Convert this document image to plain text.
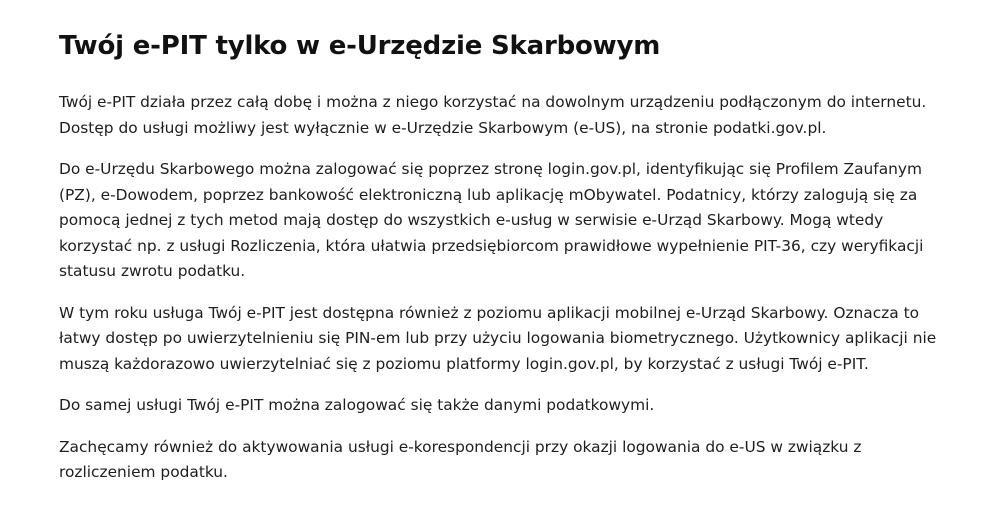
Twój e-PIT tylko w e-Urzędzie Skarbowym

Twój e-PIT działa przez całą dobę i można z niego korzystać na dowolnym urządzeniu podłączonym do internetu. Dostęp do usługi możliwy jest wyłącznie w e-Urzędzie Skarbowym (e-US), na stronie podatki.gov.pl.

Do e-Urzędu Skarbowego można zalogować się poprzez stronę login.gov.pl, identyfikując się Profilem Zaufanym (PZ), e-Dowodem, poprzez bankowość elektroniczną lub aplikację mObywatel. Podatnicy, którzy zalogują się za pomocą jednej z tych metod mają dostęp do wszystkich e-usług w serwisie e-Urząd Skarbowy. Mogą wtedy korzystać np. z usługi Rozliczenia, która ułatwia przedsiębiorcom prawidłowe wypełnienie PIT-36, czy weryfikacji statusu zwrotu podatku.

W tym roku usługa Twój e-PIT jest dostępna również z poziomu aplikacji mobilnej e-Urząd Skarbowy. Oznacza to łatwy dostęp po uwierzytelnieniu się PIN-em lub przy użyciu logowania biometrycznego. Użytkownicy aplikacji nie muszą każdorazowo uwierzytelniać się z poziomu platformy login.gov.pl, by korzystać z usługi Twój e-PIT.

Do samej usługi Twój e-PIT można zalogować się także danymi podatkowymi.

Zachęcamy również do aktywowania usługi e-korespondencji przy okazji logowania do e-US w związku z rozliczeniem podatku.
